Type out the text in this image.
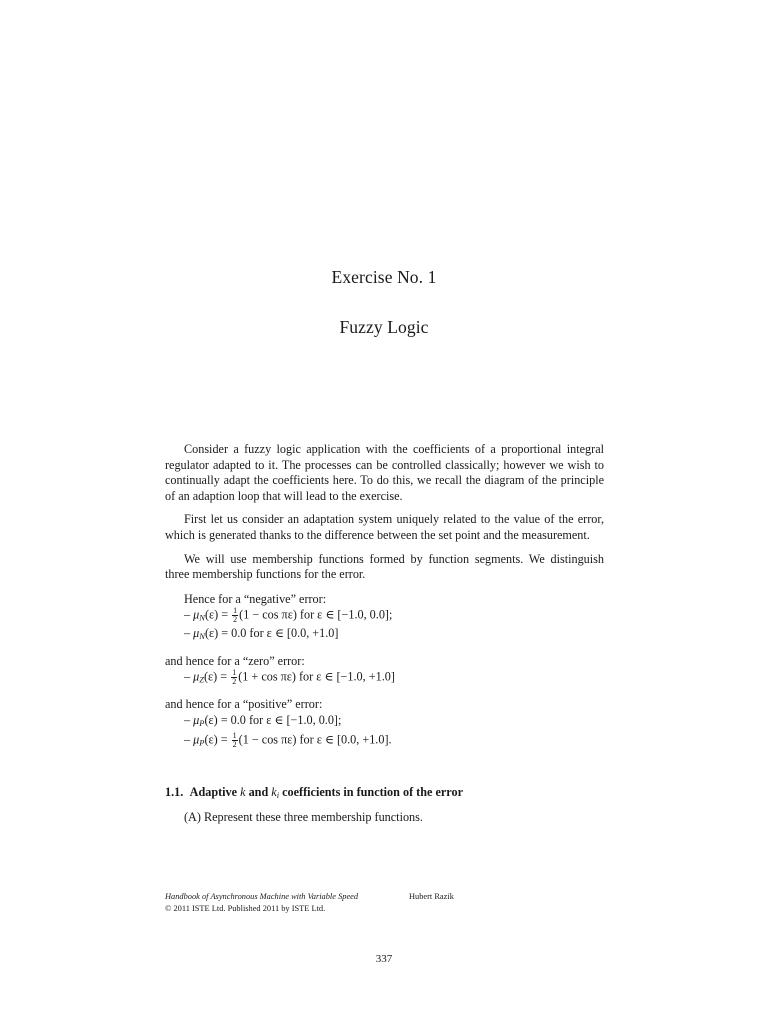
Exercise No. 1
Fuzzy Logic
Consider a fuzzy logic application with the coefficients of a proportional integral regulator adapted to it. The processes can be controlled classically; however we wish to continually adapt the coefficients here. To do this, we recall the diagram of the principle of an adaption loop that will lead to the exercise.
First let us consider an adaptation system uniquely related to the value of the error, which is generated thanks to the difference between the set point and the measurement.
We will use membership functions formed by function segments. We distinguish three membership functions for the error.
Hence for a “negative” error:
– $\mu_N(\varepsilon) = \frac{1}{2} (1 - \cos \pi\varepsilon)$ for ε ∈ [−1.0, 0.0];
– $\mu_N(\varepsilon) = 0.0$ for ε ∈ [0.0, +1.0]
and hence for a “zero” error:
– $\mu_Z(\varepsilon) = \frac{1}{2} (1 + \cos \pi\varepsilon)$ for ε ∈ [−1.0, +1.0]
and hence for a “positive” error:
– $\mu_P(\varepsilon) = 0.0$ for ε ∈ [−1.0, 0.0];
– $\mu_P(\varepsilon) = \frac{1}{2} (1 - \cos \pi\varepsilon)$ for ε ∈ [0.0, +1.0].
1.1. Adaptive k and $k_i$ coefficients in function of the error
(A) Represent these three membership functions.
Handbook of Asynchronous Machine with Variable Speed	Hubert Razik
© 2011 ISTE Ltd. Published 2011 by ISTE Ltd.
337
